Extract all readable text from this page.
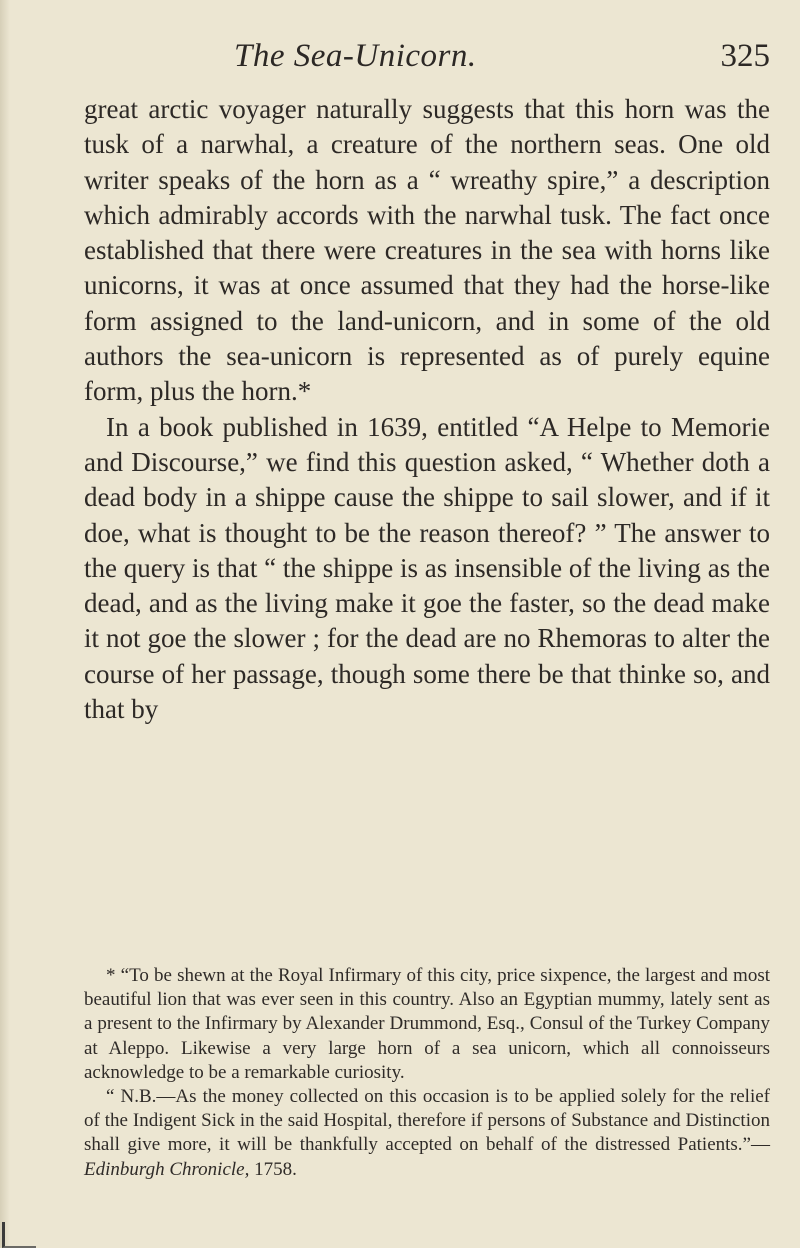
The Sea-Unicorn.	325

great arctic voyager naturally suggests that this horn was the tusk of a narwhal, a creature of the northern seas. One old writer speaks of the horn as a “ wreathy spire,” a description which admirably accords with the narwhal tusk. The fact once established that there were creatures in the sea with horns like unicorns, it was at once assumed that they had the horse-like form assigned to the land-unicorn, and in some of the old authors the sea-unicorn is represented as of purely equine form, plus the horn.*

In a book published in 1639, entitled “A Helpe to Memorie and Discourse,” we find this question asked, “ Whether doth a dead body in a shippe cause the shippe to sail slower, and if it doe, what is thought to be the reason thereof? ” The answer to the query is that “ the shippe is as insensible of the living as the dead, and as the living make it goe the faster, so the dead make it not goe the slower ; for the dead are no Rhemoras to alter the course of her passage, though some there be that thinke so, and that by

* “To be shewn at the Royal Infirmary of this city, price sixpence, the largest and most beautiful lion that was ever seen in this country. Also an Egyptian mummy, lately sent as a present to the Infirmary by Alexander Drummond, Esq., Consul of the Turkey Company at Aleppo. Likewise a very large horn of a sea unicorn, which all connoisseurs acknowledge to be a remarkable curiosity.

“ N.B.—As the money collected on this occasion is to be applied solely for the relief of the Indigent Sick in the said Hospital, therefore if persons of Substance and Distinction shall give more, it will be thankfully accepted on behalf of the distressed Patients.”—Edinburgh Chronicle, 1758.
